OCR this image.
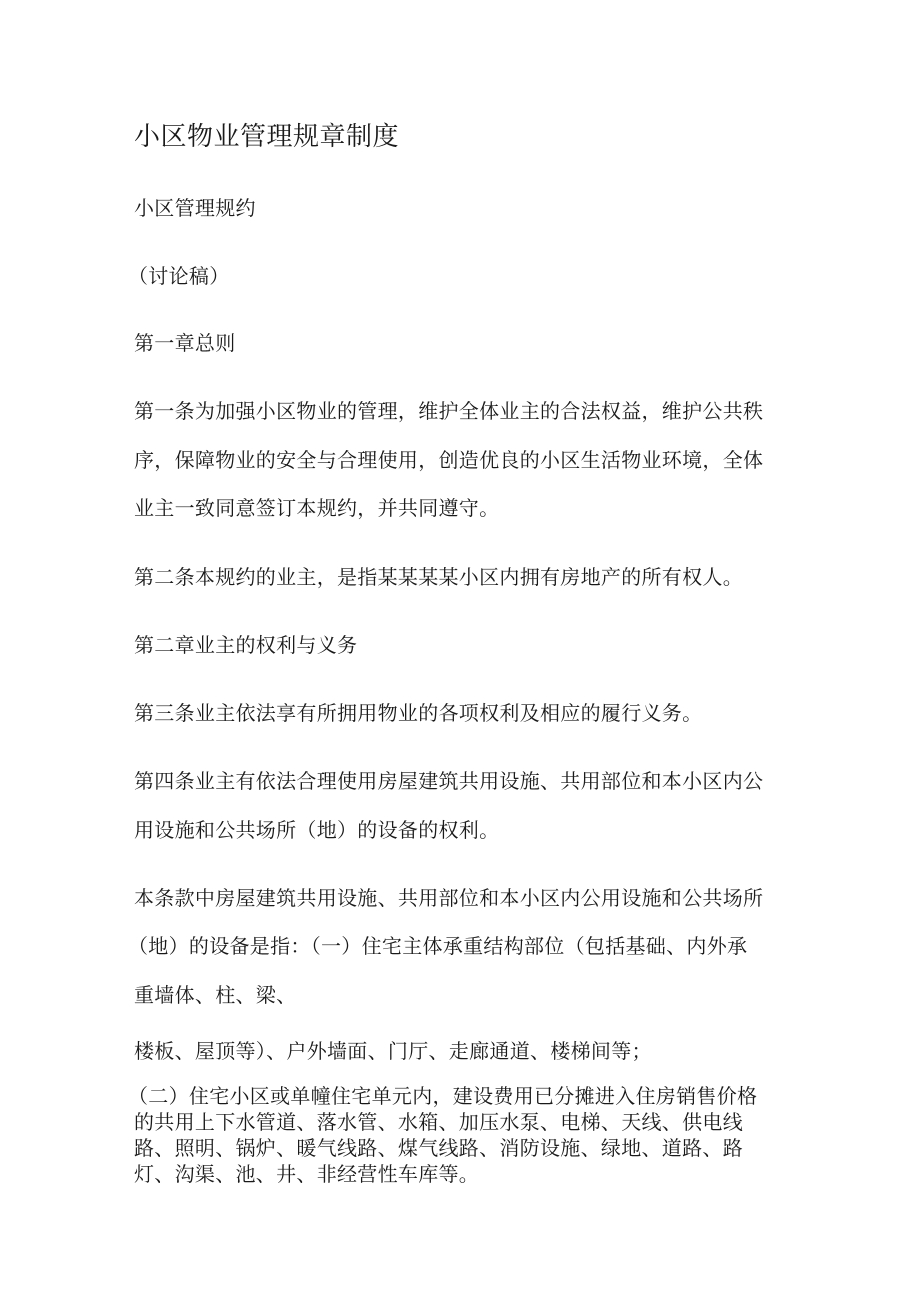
小区物业管理规章制度
小区管理规约
（讨论稿）
第一章总则
第一条为加强小区物业的管理，维护全体业主的合法权益，维护公共秩
序，保障物业的安全与合理使用，创造优良的小区生活物业环境，全体
业主一致同意签订本规约，并共同遵守。
第二条本规约的业主，是指某某某某小区内拥有房地产的所有权人。
第二章业主的权利与义务
第三条业主依法享有所拥用物业的各项权利及相应的履行义务。
第四条业主有依法合理使用房屋建筑共用设施、共用部位和本小区内公
用设施和公共场所（地）的设备的权利。
本条款中房屋建筑共用设施、共用部位和本小区内公用设施和公共场所
（地）的设备是指：（一）住宅主体承重结构部位（包括基础、内外承
重墙体、柱、梁、
楼板、屋顶等）、户外墙面、门厅、走廊通道、楼梯间等；
（二）住宅小区或单幢住宅单元内，建设费用已分摊进入住房销售价格
的共用上下水管道、落水管、水箱、加压水泵、电梯、天线、供电线
路、照明、锅炉、暖气线路、煤气线路、消防设施、绿地、道路、路
灯、沟渠、池、井、非经营性车库等。
